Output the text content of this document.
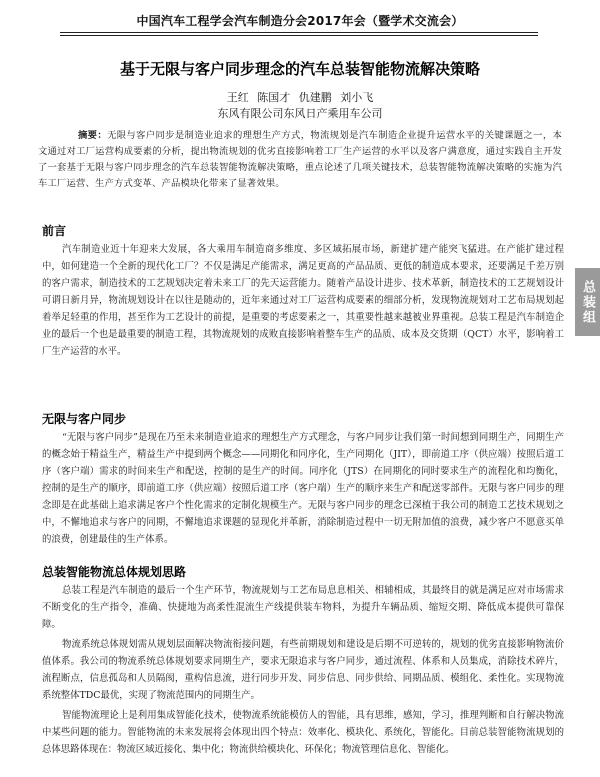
中国汽车工程学会汽车制造分会2017年会（暨学术交流会）
基于无限与客户同步理念的汽车总装智能物流解决策略
王红 陈国才 仇建鹏 刘小飞
东风有限公司东风日产乘用车公司
摘要：无限与客户同步是制造业追求的理想生产方式，物流规划是汽车制造企业提升运营水平的关键课题之一，本文通过对工厂运营构成要素的分析，提出物流规划的优劣直接影响着工厂生产运营的水平以及客户满意度，通过实践自主开发了一套基于无限与客户同步理念的汽车总装智能物流解决策略，重点论述了几项关键技术，总装智能物流解决策略的实施为汽车工厂运营、生产方式变革、产品模块化带来了显著效果。
前言
汽车制造业近十年迎来大发展，各大乘用车制造商多维度、多区域拓展市场，新建扩建产能突飞猛进。在产能扩建过程中，如何建造一个全新的现代化工厂？不仅是满足产能需求，满足更高的产品品质、更低的制造成本要求，还要满足千差万别的客户需求，制造技术的工艺规划决定着未来工厂的先天运营能力。随着产品设计进步、技术革新，制造技术的工艺规划设计可谓日新月异，物流规划设计在以往是随动的，近年来通过对工厂运营构成要素的细部分析，发现物流规划对工艺布局规划起着举足轻重的作用，甚至作为工艺设计的前提，是重要的考虑要素之一，其重要性越来越被业界重视。总装工程是汽车制造企业的最后一个也是最重要的制造工程，其物流规划的成败直接影响着整车生产的品质、成本及交货期（QCT）水平，影响着工厂生产运营的水平。
无限与客户同步
“无限与客户同步”是现在乃至未来制造业追求的理想生产方式理念，与客户同步让我们第一时间想到同期生产，同期生产的概念始于精益生产，精益生产中提到两个概念——同期化和同序化，生产同期化（JIT），即前道工序（供应端）按照后道工序（客户端）需求的时间来生产和配送，控制的是生产的时间。同序化（JTS）在同期化的同时要求生产的流程化和均衡化，控制的是生产的顺序，即前道工序（供应端）按照后道工序（客户端）生产的顺序来生产和配送零部件。无限与客户同步的理念即是在此基础上追求满足客户个性化需求的定制化规模生产。无限与客户同步的理念已深植于我公司的制造工艺技术规划之中，不懈地追求与客户的同期，不懈地追求课题的显现化并革新，消除制造过程中一切无附加值的浪费，减少客户不愿意买单的浪费，创建最佳的生产体系。
总装智能物流总体规划思路
总装工程是汽车制造的最后一个生产环节，物流规划与工艺布局息息相关、相辅相成，其最终目的就是满足应对市场需求不断变化的生产指令，准确、快捷地为高柔性混流生产线提供装车物料，为提升车辆品质、缩短交期、降低成本提供可靠保障。
物流系统总体规划需从规划层面解决物流衔接问题，有些前期规划和建设是后期不可逆转的，规划的优劣直接影响物流价值体系。我公司的物流系统总体规划要求同期生产，要求无限追求与客户同步，通过流程、体系和人员集成，消除技术碎片，流程断点，信息孤岛和人员隔阂，重构信息流，进行同步开发、同步信息、同步供给、同期品质、模组化、柔性化。实现物流系统整体TDC最优，实现了物流范围内的同期生产。
智能物流理论上是利用集成智能化技术，使物流系统能模仿人的智能，具有思维，感知，学习，推理判断和自行解决物流中某些问题的能力。智能物流的未来发展将会体现出四个特点：效率化、模块化、系统化，智能化。目前总装智能物流规划的总体思路体现在：物流区域近接化、集中化；物流供给模块化、环保化；物流管理信息化、智能化。
总装组
